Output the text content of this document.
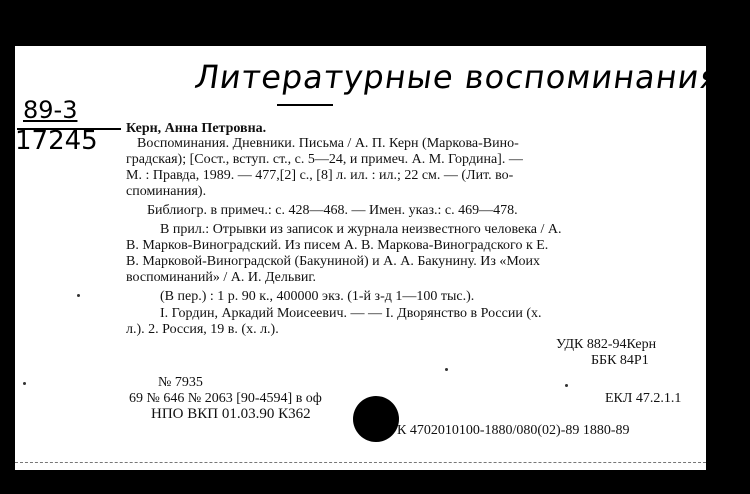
Литературные воспоминания
89-3
17245 Керн, Анна Петровна.
Воспоминания. Дневники. Письма / А. П. Керн (Маркова-Вино-
градская); [Сост., вступ. ст., с. 5—24, и примеч. А. М. Гордина]. —
М. : Правда, 1989. — 477,[2] с., [8] л. ил. : ил.; 22 см. — (Лит. во-
споминания).
Библиогр. в примеч.: с. 428—468. — Имен. указ.: с. 469—478.
В прил.: Отрывки из записок и журнала неизвестного человека / А.
В. Марков-Виноградский. Из писем А. В. Маркова-Виноградского к Е.
В. Марковой-Виноградской (Бакуниной) и А. А. Бакунину. Из «Моих
воспоминаний» / А. И. Дельвиг.
(В пер.) : 1 р. 90 к., 400000 экз. (1-й з-д 1—100 тыс.).
I. Гордин, Аркадий Моисеевич. — — I. Дворянство в России (х.
л.). 2. Россия, 19 в. (х. л.).
УДК 882-94Керн
ББК 84Р1
№ 7935
69 № 646 № 2063 [90-4594] в оф	ЕКЛ 47.2.1.1
НПО ВКП 01.03.90 К362
К 4702010100-1880/080(02)-89 1880-89
